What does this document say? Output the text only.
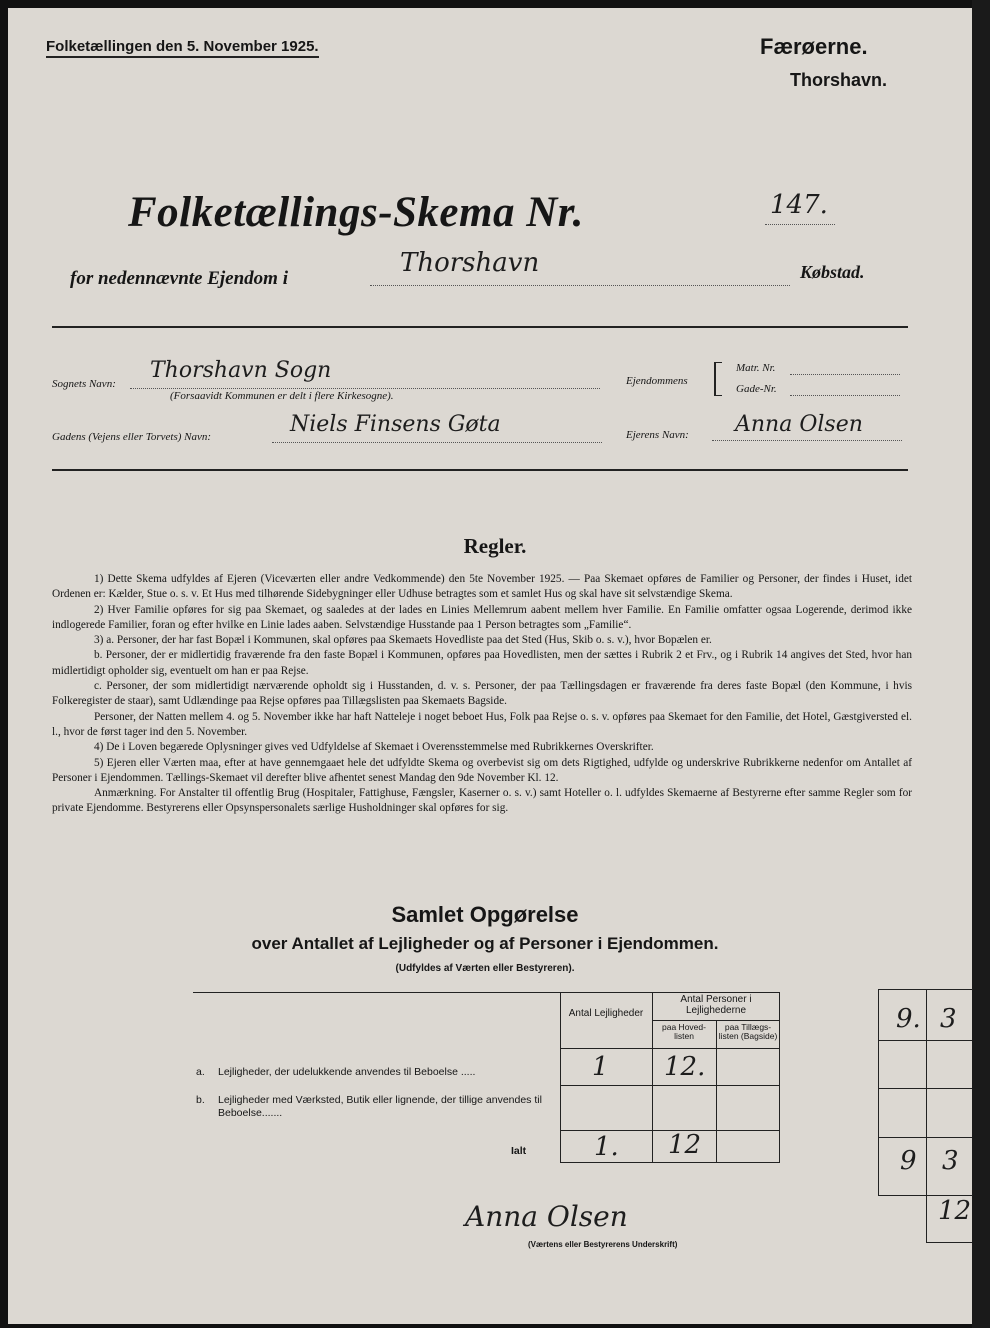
Folketællingen den 5. November 1925.	Færøerne.
Thorshavn.
Folketællings-Skema Nr.	147.
for nedennævnte Ejendom i
Thorshavn	Købstad.
Sognets Navn:
Thorshavn Sogn
(Forsaavidt Kommunen er delt i flere Kirkesogne).
Ejendommens
Matr. Nr.
Gade-Nr.
Gadens (Vejens eller Torvets) Navn:	Niels Finsens Gøta	Ejerens Navn: Anna Olsen
Regler.

1) Dette Skema udfyldes af Ejeren (Viceværten eller andre Vedkommende) den 5te November 1925. — Paa Skemaet opføres de Familier og Personer, der findes i Huset, idet Ordenen er: Kælder, Stue o. s. v. Et Hus med tilhørende Sidebygninger eller Udhuse betragtes som et samlet Hus og skal have sit selvstændige Skema.

2) Hver Familie opføres for sig paa Skemaet, og saaledes at der lades en Linies Mellemrum aabent mellem hver Familie. En Familie omfatter ogsaa Logerende, derimod ikke indlogerede Familier, foran og efter hvilke en Linie lades aaben. Selvstændige Husstande paa 1 Person betragtes som „Familie“.

3) a. Personer, der har fast Bopæl i Kommunen, skal opføres paa Skemaets Hovedliste paa det Sted (Hus, Skib o. s. v.), hvor Bopælen er.

b. Personer, der er midlertidig fraværende fra den faste Bopæl i Kommunen, opføres paa Hovedlisten, men der sættes i Rubrik 2 et Frv., og i Rubrik 14 angives det Sted, hvor han midlertidigt opholder sig, eventuelt om han er paa Rejse.

c. Personer, der som midlertidigt nærværende opholdt sig i Husstanden, d. v. s. Personer, der paa Tællingsdagen er fraværende fra deres faste Bopæl (den Kommune, i hvis Folkeregister de staar), samt Udlændinge paa Rejse opføres paa Tillægslisten paa Skemaets Bagside.

Personer, der Natten mellem 4. og 5. November ikke har haft Natteleje i noget beboet Hus, Folk paa Rejse o. s. v. opføres paa Skemaet for den Familie, det Hotel, Gæstgiversted el. l., hvor de først tager ind den 5. November.

4) De i Loven begærede Oplysninger gives ved Udfyldelse af Skemaet i Overensstemmelse med Rubrikkernes Overskrifter.

5) Ejeren eller Værten maa, efter at have gennemgaaet hele det udfyldte Skema og overbevist sig om dets Rigtighed, udfylde og underskrive Rubrikkerne nedenfor om Antallet af Personer i Ejendommen. Tællings-Skemaet vil derefter blive afhentet senest Mandag den 9de November Kl. 12.

Anmærkning. For Anstalter til offentlig Brug (Hospitaler, Fattighuse, Fængsler, Kaserner o. s. v.) samt Hoteller o. l. udfyldes Skemaerne af Bestyrerne efter samme Regler som for private Ejendomme. Bestyrerens eller Opsynspersonalets særlige Husholdninger skal opføres for sig.

Samlet Opgørelse
over Antallet af Lejligheder og af Personer i Ejendommen.
(Udfyldes af Værten eller Bestyreren).
Antal Lejligheder
Antal Personer i Lejlighederne
paa Hoved- listen
paa Tillægs- listen (Bagside)
a. Lejligheder, der udelukkende anvendes til Beboelse .....	1 12.
b. Lejligheder med Værksted, Butik eller lignende, der tillige anvendes til Beboelse.......
Ialt	1. 12
Anna Olsen
(Værtens eller Bestyrerens Underskrift)
9. 3
9 3
12
